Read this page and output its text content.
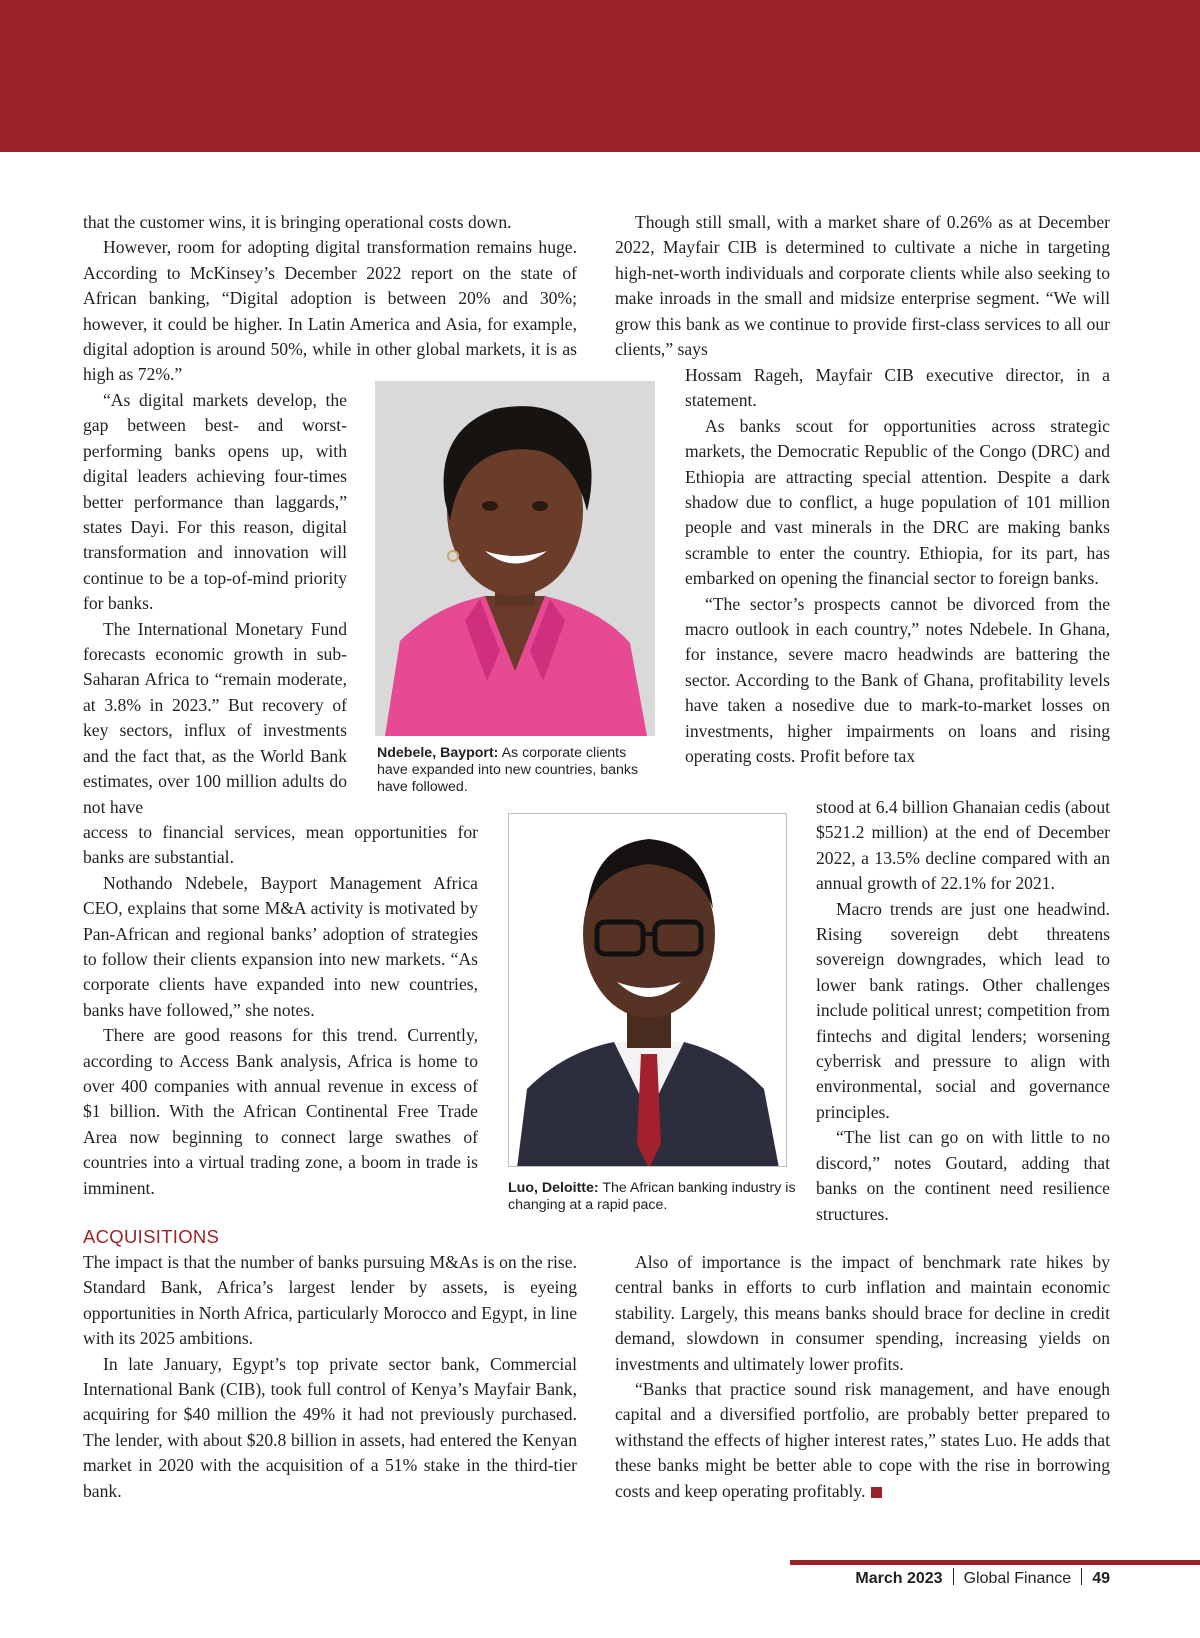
that the customer wins, it is bringing operational costs down.

However, room for adopting digital transformation remains huge. According to McKinsey’s December 2022 report on the state of African banking, “Digital adoption is between 20% and 30%; however, it could be higher. In Latin America and Asia, for example, digital adoption is around 50%, while in other global markets, it is as high as 72%.”

“As digital markets develop, the gap between best- and worst-performing banks opens up, with digital leaders achieving four-times better performance than laggards,” states Dayi. For this reason, digital transformation and innovation will continue to be a top-of-mind priority for banks.

The International Monetary Fund forecasts economic growth in sub-Saharan Africa to “remain moderate, at 3.8% in 2023.” But recovery of key sectors, influx of investments and the fact that, as the World Bank estimates, over 100 million adults do not have

Ndebele, Bayport: As corporate clients have expanded into new countries, banks have followed.

access to financial services, mean opportunities for banks are substantial.

Nothando Ndebele, Bayport Management Africa CEO, explains that some M&A activity is motivated by Pan-African and regional banks’ adoption of strategies to follow their clients expansion into new markets. “As corporate clients have expanded into new countries, banks have followed,” she notes.

There are good reasons for this trend. Currently, according to Access Bank analysis, Africa is home to over 400 companies with annual revenue in excess of $1 billion. With the African Continental Free Trade Area now beginning to connect large swathes of countries into a virtual trading zone, a boom in trade is imminent.	Luo, Deloitte: The African banking industry is changing at a rapid pace.
ACQUISITIONS

The impact is that the number of banks pursuing M&As is on the rise. Standard Bank, Africa’s largest lender by assets, is eyeing opportunities in North Africa, particularly Morocco and Egypt, in line with its 2025 ambitions.

In late January, Egypt’s top private sector bank, Commercial International Bank (CIB), took full control of Kenya’s Mayfair Bank, acquiring for $40 million the 49% it had not previously purchased. The lender, with about $20.8 billion in assets, had entered the Kenyan market in 2020 with the acquisition of a 51% stake in the third-tier bank.

Though still small, with a market share of 0.26% as at December 2022, Mayfair CIB is determined to cultivate a niche in targeting high-net-worth individuals and corporate clients while also seeking to make inroads in the small and midsize enterprise segment. “We will grow this bank as we continue to provide first-class services to all our clients,” says

Hossam Rageh, Mayfair CIB executive director, in a statement.

As banks scout for opportunities across strategic markets, the Democratic Republic of the Congo (DRC) and Ethiopia are attracting special attention. Despite a dark shadow due to conflict, a huge population of 101 million people and vast minerals in the DRC are making banks scramble to enter the country. Ethiopia, for its part, has embarked on opening the financial sector to foreign banks.

“The sector’s prospects cannot be divorced from the macro outlook in each country,” notes Ndebele. In Ghana, for instance, severe macro headwinds are battering the sector. According to the Bank of Ghana, profitability levels have taken a nosedive due to mark-to-market losses on investments, higher impairments on loans and rising operating costs. Profit before tax

stood at 6.4 billion Ghanaian cedis (about $521.2 million) at the end of December 2022, a 13.5% decline compared with an annual growth of 22.1% for 2021.

Macro trends are just one headwind. Rising sovereign debt threatens sovereign downgrades, which lead to lower bank ratings. Other challenges include political unrest; competition from fintechs and digital lenders; worsening cyberrisk and pressure to align with environmental, social and governance principles.

“The list can go on with little to no discord,” notes Goutard, adding that banks on the continent need resilience structures.

Also of importance is the impact of benchmark rate hikes by central banks in efforts to curb inflation and maintain economic stability. Largely, this means banks should brace for decline in credit demand, slowdown in consumer spending, increasing yields on investments and ultimately lower profits.

“Banks that practice sound risk management, and have enough capital and a diversified portfolio, are probably better prepared to withstand the effects of higher interest rates,” states Luo. He adds that these banks might be better able to cope with the rise in borrowing costs and keep operating profitably.

March 2023 Global Finance 49
